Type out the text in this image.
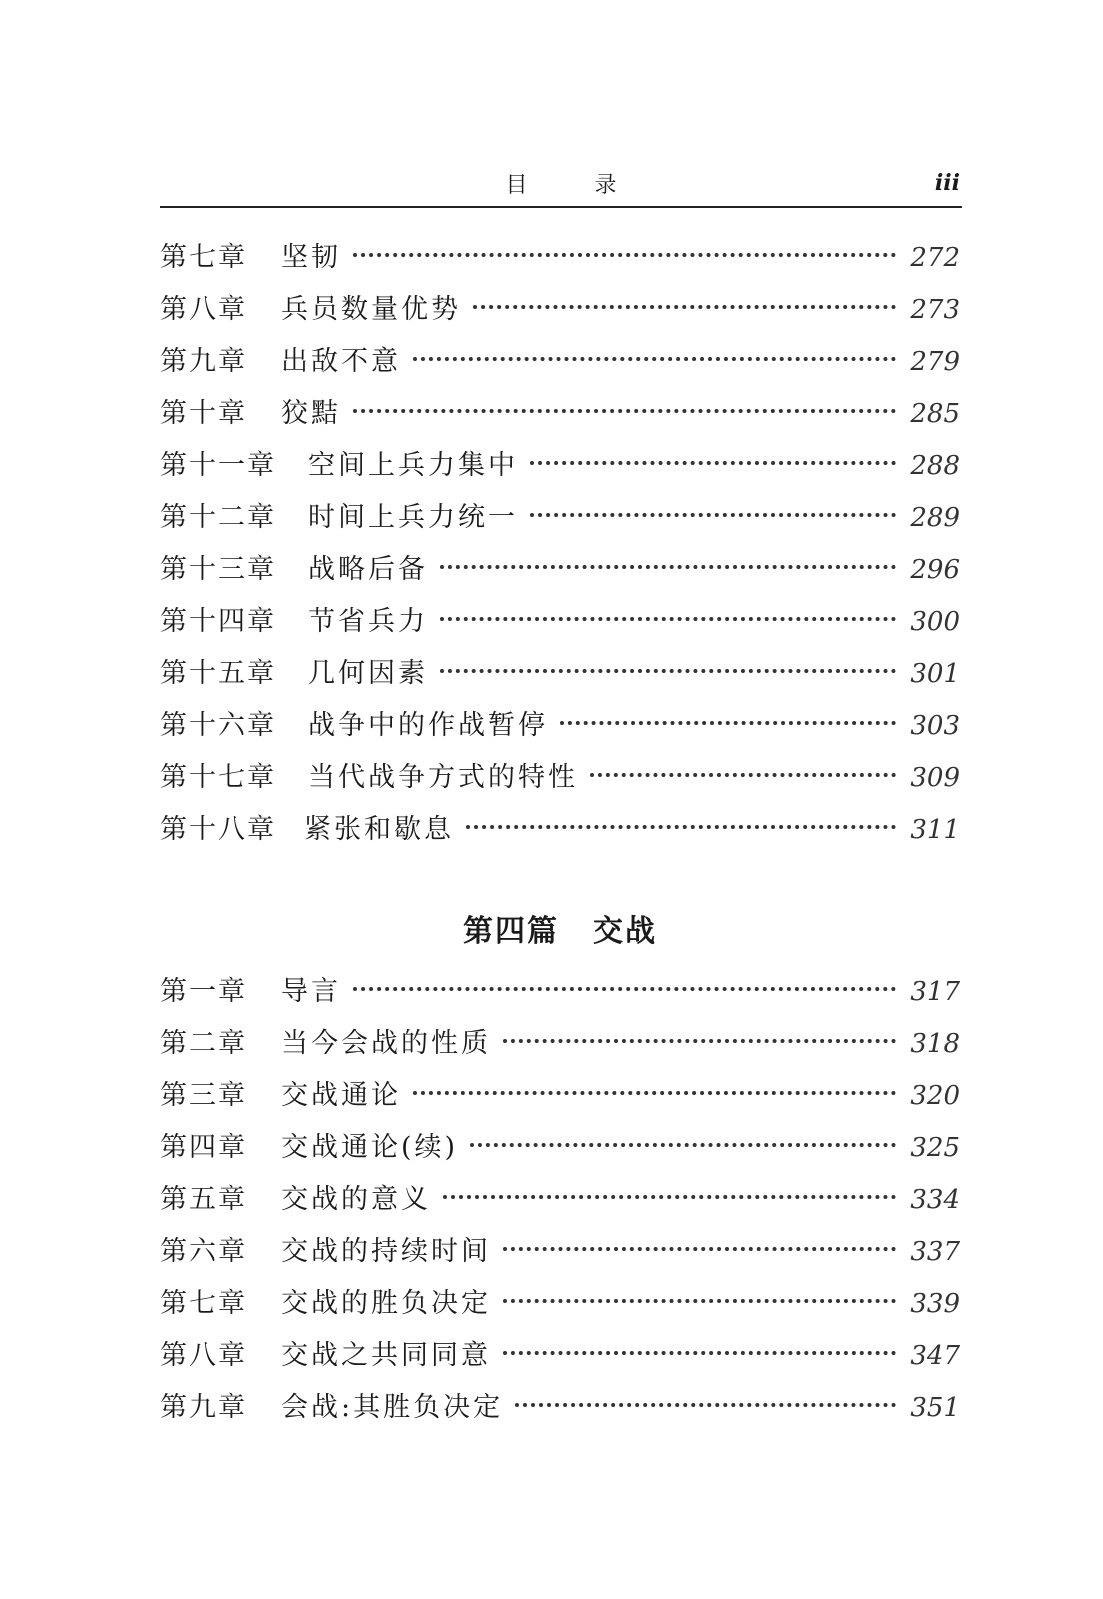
目 录	iii
第七章 坚韧	272
第八章 兵员数量优势	273
第九章 出敌不意	279
第十章 狡黠	285
第十一章 空间上兵力集中	288
第十二章 时间上兵力统一	289
第十三章 战略后备	296
第十四章 节省兵力	300
第十五章 几何因素	301
第十六章 战争中的作战暂停	303
第十七章 当代战争方式的特性	309
第十八章 紧张和歇息	311
第四篇 交战
第一章 导言	317
第二章 当今会战的性质	318
第三章 交战通论	320
第四章 交战通论(续)	325
第五章 交战的意义	334
第六章 交战的持续时间	337
第七章 交战的胜负决定	339
第八章 交战之共同同意	347
第九章 会战:其胜负决定	351
